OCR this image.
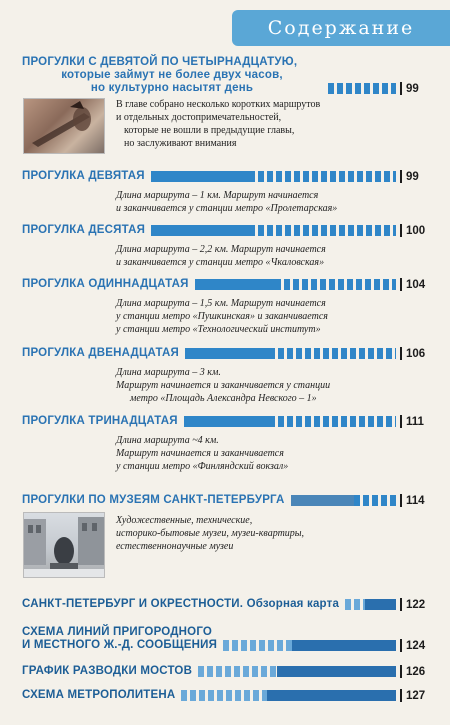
Содержание
ПРОГУЛКИ С ДЕВЯТОЙ ПО ЧЕТЫРНАДЦАТУЮ,
которые займут не более двух часов,
но культурно насытят день	99
В главе собрано несколько коротких маршрутов
и отдельных достопримечательностей,
которые не вошли в предыдущие главы,
но заслуживают внимания
ПРОГУЛКА ДЕВЯТАЯ	99
Длина маршрута – 1 км. Маршрут начинается
и заканчивается у станции метро «Пролетарская»
ПРОГУЛКА ДЕСЯТАЯ	100
Длина маршрута – 2,2 км. Маршрут начинается
и заканчивается у станции метро «Чкаловская»
ПРОГУЛКА ОДИННАДЦАТАЯ	104
Длина маршрута – 1,5 км. Маршрут начинается
у станции метро «Пушкинская» и заканчивается
у станции метро «Технологический институт»
ПРОГУЛКА ДВЕНАДЦАТАЯ	106
Длина маршрута – 3 км.
Маршрут начинается и заканчивается у станции
метро «Площадь Александра Невского – 1»
ПРОГУЛКА ТРИНАДЦАТАЯ	111
Длина маршрута ~4 км.
Маршрут начинается и заканчивается
у станции метро «Финляндский вокзал»
ПРОГУЛКИ ПО МУЗЕЯМ САНКТ-ПЕТЕРБУРГА	114
Художественные, технические,
историко-бытовые музеи, музеи-квартиры,
естественнонаучные музеи
САНКТ-ПЕТЕРБУРГ И ОКРЕСТНОСТИ. Обзорная карта	122
СХЕМА ЛИНИЙ ПРИГОРОДНОГО
И МЕСТНОГО Ж.-Д. СООБЩЕНИЯ	124
ГРАФИК РАЗВОДКИ МОСТОВ	126
СХЕМА МЕТРОПОЛИТЕНА	127
